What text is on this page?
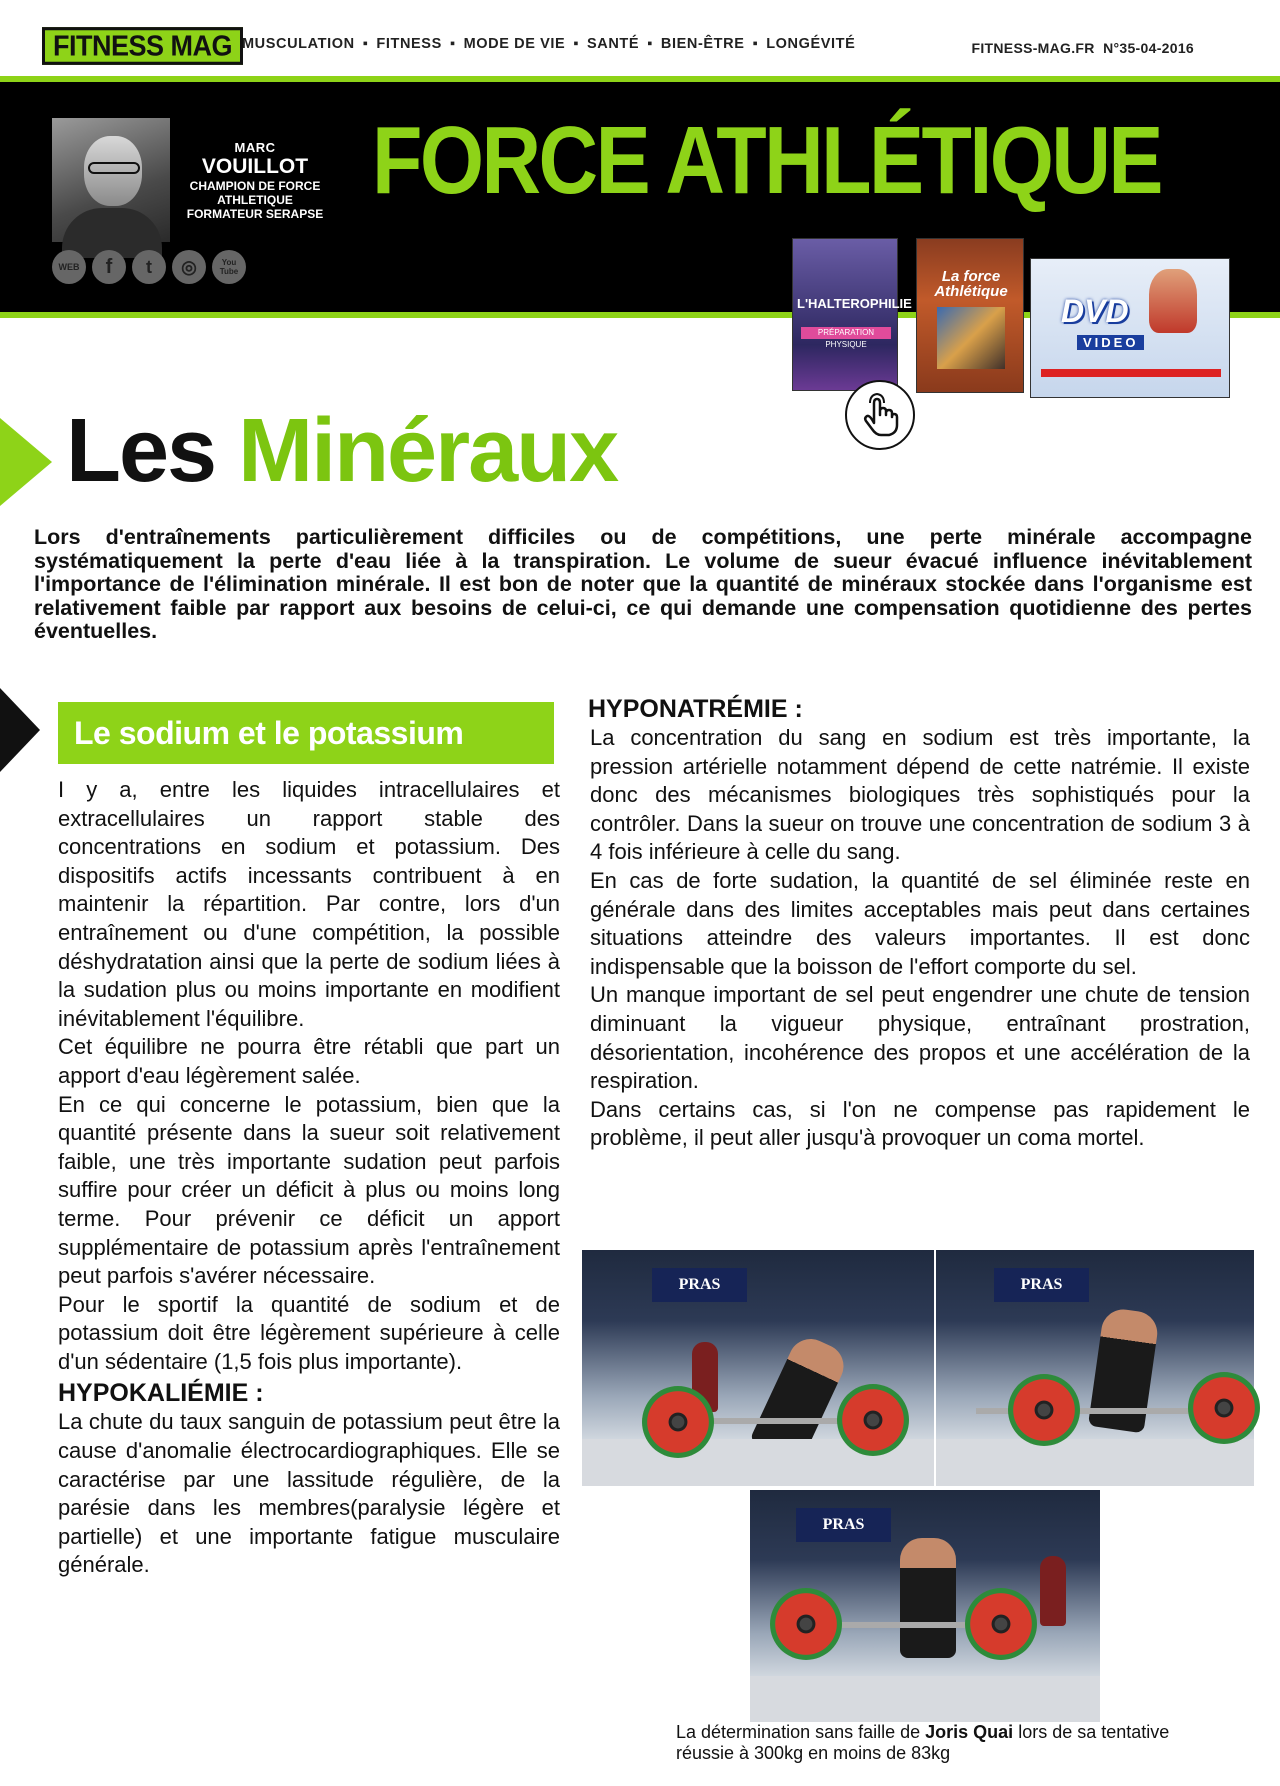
FITNESS MAG MUSCULATION ▪ FITNESS ▪ MODE DE VIE ▪ SANTÉ ▪ BIEN-ÊTRE ▪ LONGÉVITÉ	FITNESS-MAG.FR  N°35-04-2016
MARC
VOUILLOT
CHAMPION DE FORCE
ATHLETIQUE
FORMATEUR SERAPSE
WEB	f	t	◎	You Tube
FORCE ATHLÉTIQUE
L'HALTEROPHILIE
PRÉPARATION PHYSIQUE
La force Athlétique
DVD
VIDEO
Les Minéraux
Lors d'entraînements particulièrement difficiles ou de compétitions, une perte minérale accompagne systématiquement la perte d'eau liée à la transpiration. Le volume de sueur évacué influence inévitablement l'importance de l'élimination minérale. Il est bon de noter que la quantité de minéraux stockée dans l'organisme est relativement faible par rapport aux besoins de celui-ci, ce qui demande une compensation quotidienne des pertes éventuelles.
Le sodium et le potassium

I y a, entre les liquides intracellulaires et extracellulaires un rapport stable des concentrations en sodium et potassium. Des dispositifs actifs incessants contribuent à en maintenir la répartition. Par contre, lors d'un entraînement ou d'une compétition, la possible déshydratation ainsi que la perte de sodium liées à la sudation plus ou moins importante en modifient inévitablement l'équilibre.

Cet équilibre ne pourra être rétabli que part un apport d'eau légèrement salée.

En ce qui concerne le potassium, bien que la quantité présente dans la sueur soit relativement faible, une très importante sudation peut parfois suffire pour créer un déficit à plus ou moins long terme. Pour prévenir ce déficit un apport supplémentaire de potassium après l'entraînement peut parfois s'avérer nécessaire.

Pour le sportif la quantité de sodium et de potassium doit être légèrement supérieure à celle d'un sédentaire (1,5 fois plus importante).

HYPOKALIÉMIE :

La chute du taux sanguin de potassium peut être la cause d'anomalie électrocardiographiques. Elle se caractérise par une lassitude régulière, de la parésie dans les membres(paralysie légère et partielle) et une importante fatigue musculaire générale.

HYPONATRÉMIE :

La concentration du sang en sodium est très importante, la pression artérielle notamment dépend de cette natrémie. Il existe donc des mécanismes biologiques très sophistiqués pour la contrôler. Dans la sueur on trouve une concentration de sodium 3 à 4 fois inférieure à celle du sang.

En cas de forte sudation, la quantité de sel éliminée reste en générale dans des limites acceptables mais peut dans certaines situations atteindre des valeurs importantes. Il est donc indispensable que la boisson de l'effort comporte du sel.

Un manque important de sel peut engendrer une chute de tension diminuant la vigueur physique, entraînant prostration, désorientation, incohérence des propos et une accélération de la respiration.

Dans certains cas, si l'on ne compense pas rapidement le problème, il peut aller jusqu'à provoquer un coma mortel.

PRAS	PRAS
PRAS
La détermination sans faille de Joris Quai lors de sa tentative réussie à 300kg en moins de 83kg
